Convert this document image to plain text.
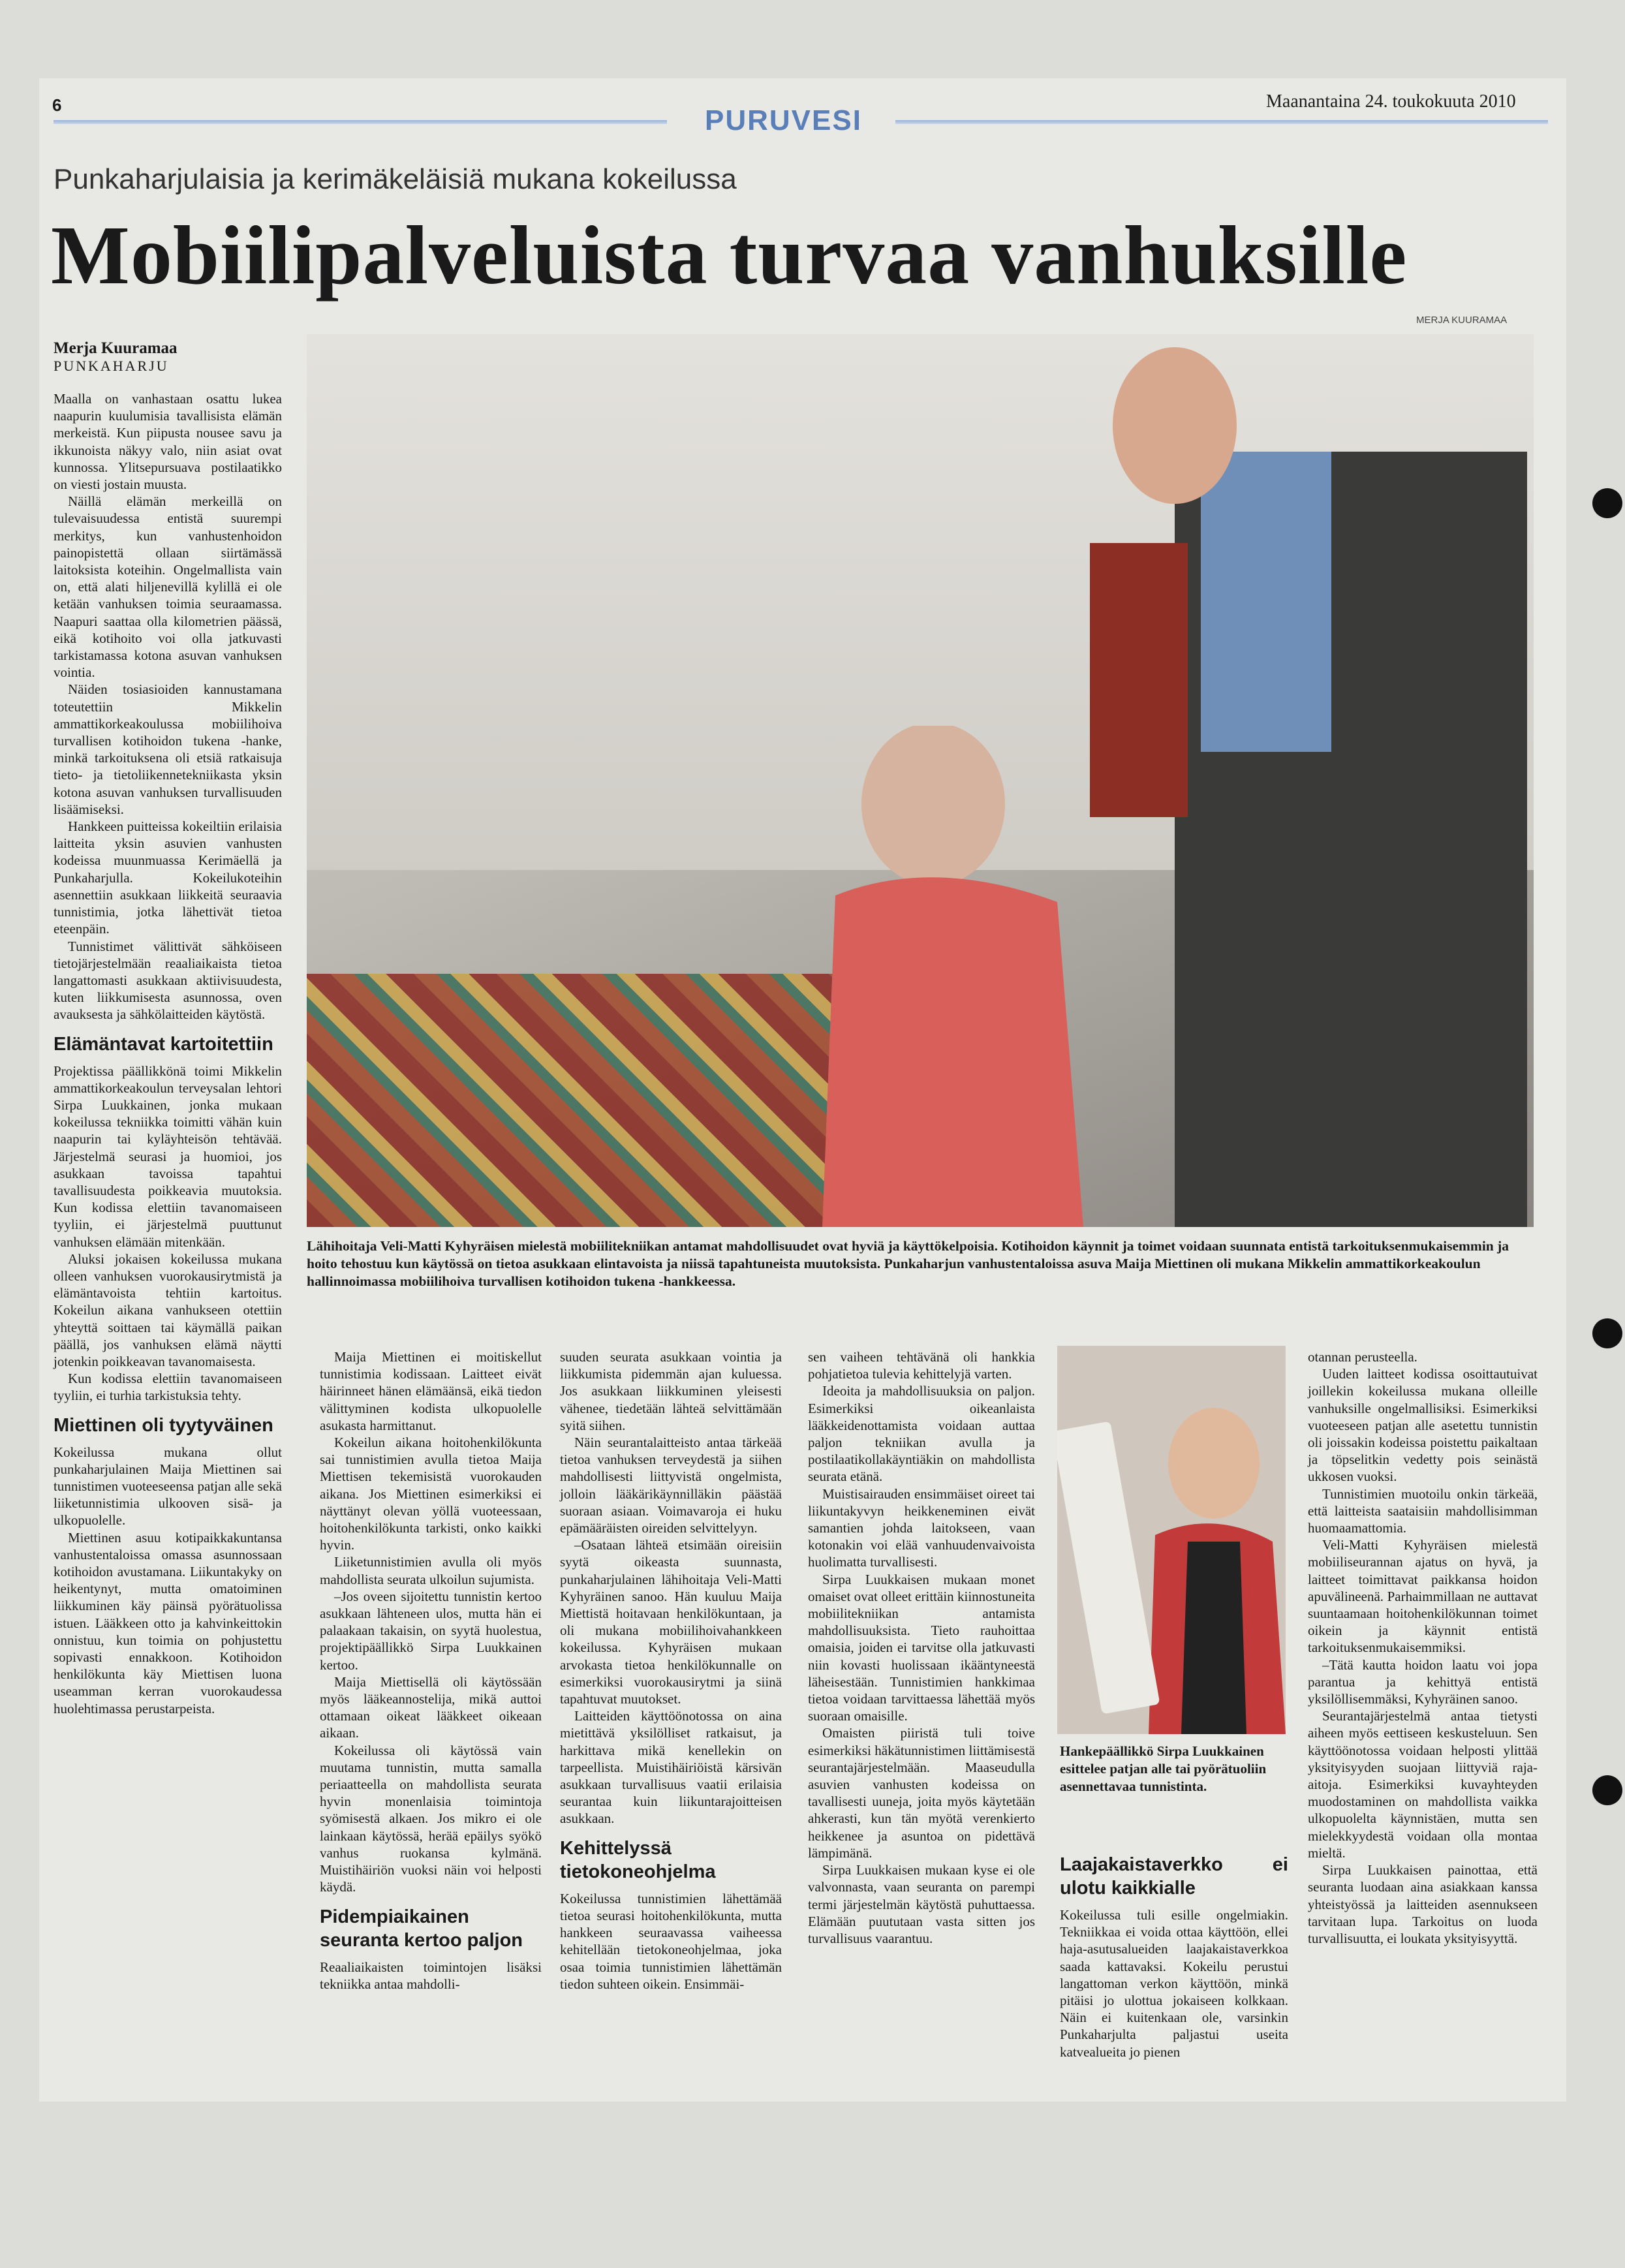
6	PURUVESI
Maanantaina 24. toukokuuta 2010
Punkaharjulaisia ja kerimäkeläisiä mukana kokeilussa
Mobiilipalveluista turvaa vanhuksille
MERJA KUURAMAA
Lähihoitaja Veli-Matti Kyhyräisen mielestä mobiilitekniikan antamat mahdollisuudet ovat hyviä ja käyttökelpoisia. Kotihoidon käynnit ja toimet voidaan suunnata entistä tarkoituksenmukaisemmin ja hoito tehostuu kun käytössä on tietoa asukkaan elintavoista ja niissä tapahtuneista muutoksista. Punkaharjun vanhustentaloissa asuva Maija Miettinen oli mukana Mikkelin ammattikorkeakoulun hallinnoimassa mobiilihoiva turvallisen kotihoidon tukena -hankkeessa.
Merja Kuuramaa
PUNKAHARJU

Maalla on vanhastaan osattu lukea naapurin kuulumisia tavallisista elämän merkeistä. Kun piipusta nousee savu ja ikkunoista näkyy valo, niin asiat ovat kunnossa. Ylitsepursuava postilaatikko on viesti jostain muusta.

Näillä elämän merkeillä on tulevaisuudessa entistä suurempi merkitys, kun vanhustenhoidon painopistettä ollaan siirtämässä laitoksista koteihin. Ongelmallista vain on, että alati hiljenevillä kylillä ei ole ketään vanhuksen toimia seuraamassa. Naapuri saattaa olla kilometrien päässä, eikä kotihoito voi olla jatkuvasti tarkistamassa kotona asuvan vanhuksen vointia.

Näiden tosiasioiden kannustamana toteutettiin Mikkelin ammattikorkeakoulussa mobiilihoiva turvallisen kotihoidon tukena -hanke, minkä tarkoituksena oli etsiä ratkaisuja tieto- ja tietoliikennetekniikasta yksin kotona asuvan vanhuksen turvallisuuden lisäämiseksi.

Hankkeen puitteissa kokeiltiin erilaisia laitteita yksin asuvien vanhusten kodeissa muunmuassa Kerimäellä ja Punkaharjulla. Kokeilukoteihin asennettiin asukkaan liikkeitä seuraavia tunnistimia, jotka lähettivät tietoa eteenpäin.

Tunnistimet välittivät sähköiseen tietojärjestelmään reaaliaikaista tietoa langattomasti asukkaan aktiivisuudesta, kuten liikkumisesta asunnossa, oven avauksesta ja sähkölaitteiden käytöstä.

Elämäntavat kartoitettiin

Projektissa päällikkönä toimi Mikkelin ammattikorkeakoulun terveysalan lehtori Sirpa Luukkainen, jonka mukaan kokeilussa tekniikka toimitti vähän kuin naapurin tai kyläyhteisön tehtävää. Järjestelmä seurasi ja huomioi, jos asukkaan tavoissa tapahtui tavallisuudesta poikkeavia muutoksia. Kun kodissa elettiin tavanomaiseen tyyliin, ei järjestelmä puuttunut vanhuksen elämään mitenkään.

Aluksi jokaisen kokeilussa mukana olleen vanhuksen vuorokausirytmistä ja elämäntavoista tehtiin kartoitus. Kokeilun aikana vanhukseen otettiin yhteyttä soittaen tai käymällä paikan päällä, jos vanhuksen elämä näytti jotenkin poikkeavan tavanomaisesta.

Kun kodissa elettiin tavanomaiseen tyyliin, ei turhia tarkistuksia tehty.

Miettinen oli tyytyväinen

Kokeilussa mukana ollut punkaharjulainen Maija Miettinen sai tunnistimen vuoteeseensa patjan alle sekä liiketunnistimia ulkooven sisä- ja ulkopuolelle.

Miettinen asuu kotipaikkakuntansa vanhustentaloissa omassa asunnossaan kotihoidon avustamana. Liikuntakyky on heikentynyt, mutta omatoiminen liikkuminen käy päinsä pyörätuolissa istuen. Lääkkeen otto ja kahvinkeittokin onnistuu, kun toimia on pohjustettu sopivasti ennakkoon. Kotihoidon henkilökunta käy Miettisen luona useamman kerran vuorokaudessa huolehtimassa perustarpeista.

Maija Miettinen ei moitiskellut tunnistimia kodissaan. Laitteet eivät häirinneet hänen elämäänsä, eikä tiedon välittyminen kodista ulkopuolelle asukasta harmittanut.

Kokeilun aikana hoitohenkilökunta sai tunnistimien avulla tietoa Maija Miettisen tekemisistä vuorokauden aikana. Jos Miettinen esimerkiksi ei näyttänyt olevan yöllä vuoteessaan, hoitohenkilökunta tarkisti, onko kaikki hyvin.

Liiketunnistimien avulla oli myös mahdollista seurata ulkoilun sujumista.

–Jos oveen sijoitettu tunnistin kertoo asukkaan lähteneen ulos, mutta hän ei palaakaan takaisin, on syytä huolestua, projektipäällikkö Sirpa Luukkainen kertoo.

Maija Miettisellä oli käytössään myös lääkeannostelija, mikä auttoi ottamaan oikeat lääkkeet oikeaan aikaan.

Kokeilussa oli käytössä vain muutama tunnistin, mutta samalla periaatteella on mahdollista seurata hyvin monenlaisia toimintoja syömisestä alkaen. Jos mikro ei ole lainkaan käytössä, herää epäilys syökö vanhus ruokansa kylmänä. Muistihäiriön vuoksi näin voi helposti käydä.

Pidempiaikainen seuranta kertoo paljon

Reaaliaikaisten toimintojen lisäksi tekniikka antaa mahdolli-

suuden seurata asukkaan vointia ja liikkumista pidemmän ajan kuluessa. Jos asukkaan liikkuminen yleisesti vähenee, tiedetään lähteä selvittämään syitä siihen.

Näin seurantalaitteisto antaa tärkeää tietoa vanhuksen terveydestä ja siihen mahdollisesti liittyvistä ongelmista, jolloin lääkärikäynnilläkin päästää suoraan asiaan. Voimavaroja ei huku epämääräisten oireiden selvittelyyn.

–Osataan lähteä etsimään oireisiin syytä oikeasta suunnasta, punkaharjulainen lähihoitaja Veli-Matti Kyhyräinen sanoo. Hän kuuluu Maija Miettistä hoitavaan henkilökuntaan, ja oli mukana mobiilihoivahankkeen kokeilussa. Kyhyräisen mukaan arvokasta tietoa henkilökunnalle on esimerkiksi vuorokausirytmi ja siinä tapahtuvat muutokset.

Laitteiden käyttöönotossa on aina mietittävä yksilölliset ratkaisut, ja harkittava mikä kenellekin on tarpeellista. Muistihäiriöistä kärsivän asukkaan turvallisuus vaatii erilaisia seurantaa kuin liikuntarajoitteisen asukkaan.

Kehittelyssä tietokoneohjelma

Kokeilussa tunnistimien lähettämää tietoa seurasi hoitohenkilökunta, mutta hankkeen seuraavassa vaiheessa kehitellään tietokoneohjelmaa, joka osaa toimia tunnistimien lähettämän tiedon suhteen oikein. Ensimmäi-

sen vaiheen tehtävänä oli hankkia pohjatietoa tulevia kehittelyjä varten.

Ideoita ja mahdollisuuksia on paljon. Esimerkiksi oikeanlaista lääkkeidenottamista voidaan auttaa paljon tekniikan avulla ja postilaatikollakäyntiäkin on mahdollista seurata etänä.

Muistisairauden ensimmäiset oireet tai liikuntakyvyn heikkeneminen eivät samantien johda laitokseen, vaan kotonakin voi elää vanhuudenvaivoista huolimatta turvallisesti.

Sirpa Luukkaisen mukaan monet omaiset ovat olleet erittäin kiinnostuneita mobiilitekniikan antamista mahdollisuuksista. Tieto rauhoittaa omaisia, joiden ei tarvitse olla jatkuvasti niin kovasti huolissaan ikääntyneestä läheisestään. Tunnistimien hankkimaa tietoa voidaan tarvittaessa lähettää myös suoraan omaisille.

Omaisten piiristä tuli toive esimerkiksi häkätunnistimen liittämisestä seurantajärjestelmään. Maaseudulla asuvien vanhusten kodeissa on tavallisesti uuneja, joita myös käytetään ahkerasti, kun tän myötä verenkierto heikkenee ja asuntoa on pidettävä lämpimänä.

Sirpa Luukkaisen mukaan kyse ei ole valvonnasta, vaan seuranta on parempi termi järjestelmän käytöstä puhuttaessa. Elämään puututaan vasta sitten jos turvallisuus vaarantuu.

Hankepäällikkö Sirpa Luukkainen esittelee patjan alle tai pyörätuoliin asennettavaa tunnistinta.
Laajakaistaverkko ei ulotu kaikkialle

Kokeilussa tuli esille ongelmiakin. Tekniikkaa ei voida ottaa käyttöön, ellei haja-asutusalueiden laajakaistaverkkoa saada kattavaksi. Kokeilu perustui langattoman verkon käyttöön, minkä pitäisi jo ulottua jokaiseen kolkkaan. Näin ei kuitenkaan ole, varsinkin Punkaharjulta paljastui useita katvealueita jo pienen

otannan perusteella.

Uuden laitteet kodissa osoittautuivat joillekin kokeilussa mukana olleille vanhuksille ongelmallisiksi. Esimerkiksi vuoteeseen patjan alle asetettu tunnistin oli joissakin kodeissa poistettu paikaltaan ja töpselitkin vedetty pois seinästä ukkosen vuoksi.

Tunnistimien muotoilu onkin tärkeää, että laitteista saataisiin mahdollisimman huomaamattomia.

Veli-Matti Kyhyräisen mielestä mobiiliseurannan ajatus on hyvä, ja laitteet toimittavat paikkansa hoidon apuvälineenä. Parhaimmillaan ne auttavat suuntaamaan hoitohenkilökunnan toimet oikein ja käynnit entistä tarkoituksenmukaisemmiksi.

–Tätä kautta hoidon laatu voi jopa parantua ja kehittyä entistä yksilöllisemmäksi, Kyhyräinen sanoo.

Seurantajärjestelmä antaa tietysti aiheen myös eettiseen keskusteluun. Sen käyttöönotossa voidaan helposti ylittää yksityisyyden suojaan liittyviä raja-aitoja. Esimerkiksi kuvayhteyden muodostaminen on mahdollista vaikka ulkopuolelta käynnistäen, mutta sen mielekkyydestä voidaan olla montaa mieltä.

Sirpa Luukkaisen painottaa, että seuranta luodaan aina asiakkaan kanssa yhteistyössä ja laitteiden asennukseen tarvitaan lupa. Tarkoitus on luoda turvallisuutta, ei loukata yksityisyyttä.
